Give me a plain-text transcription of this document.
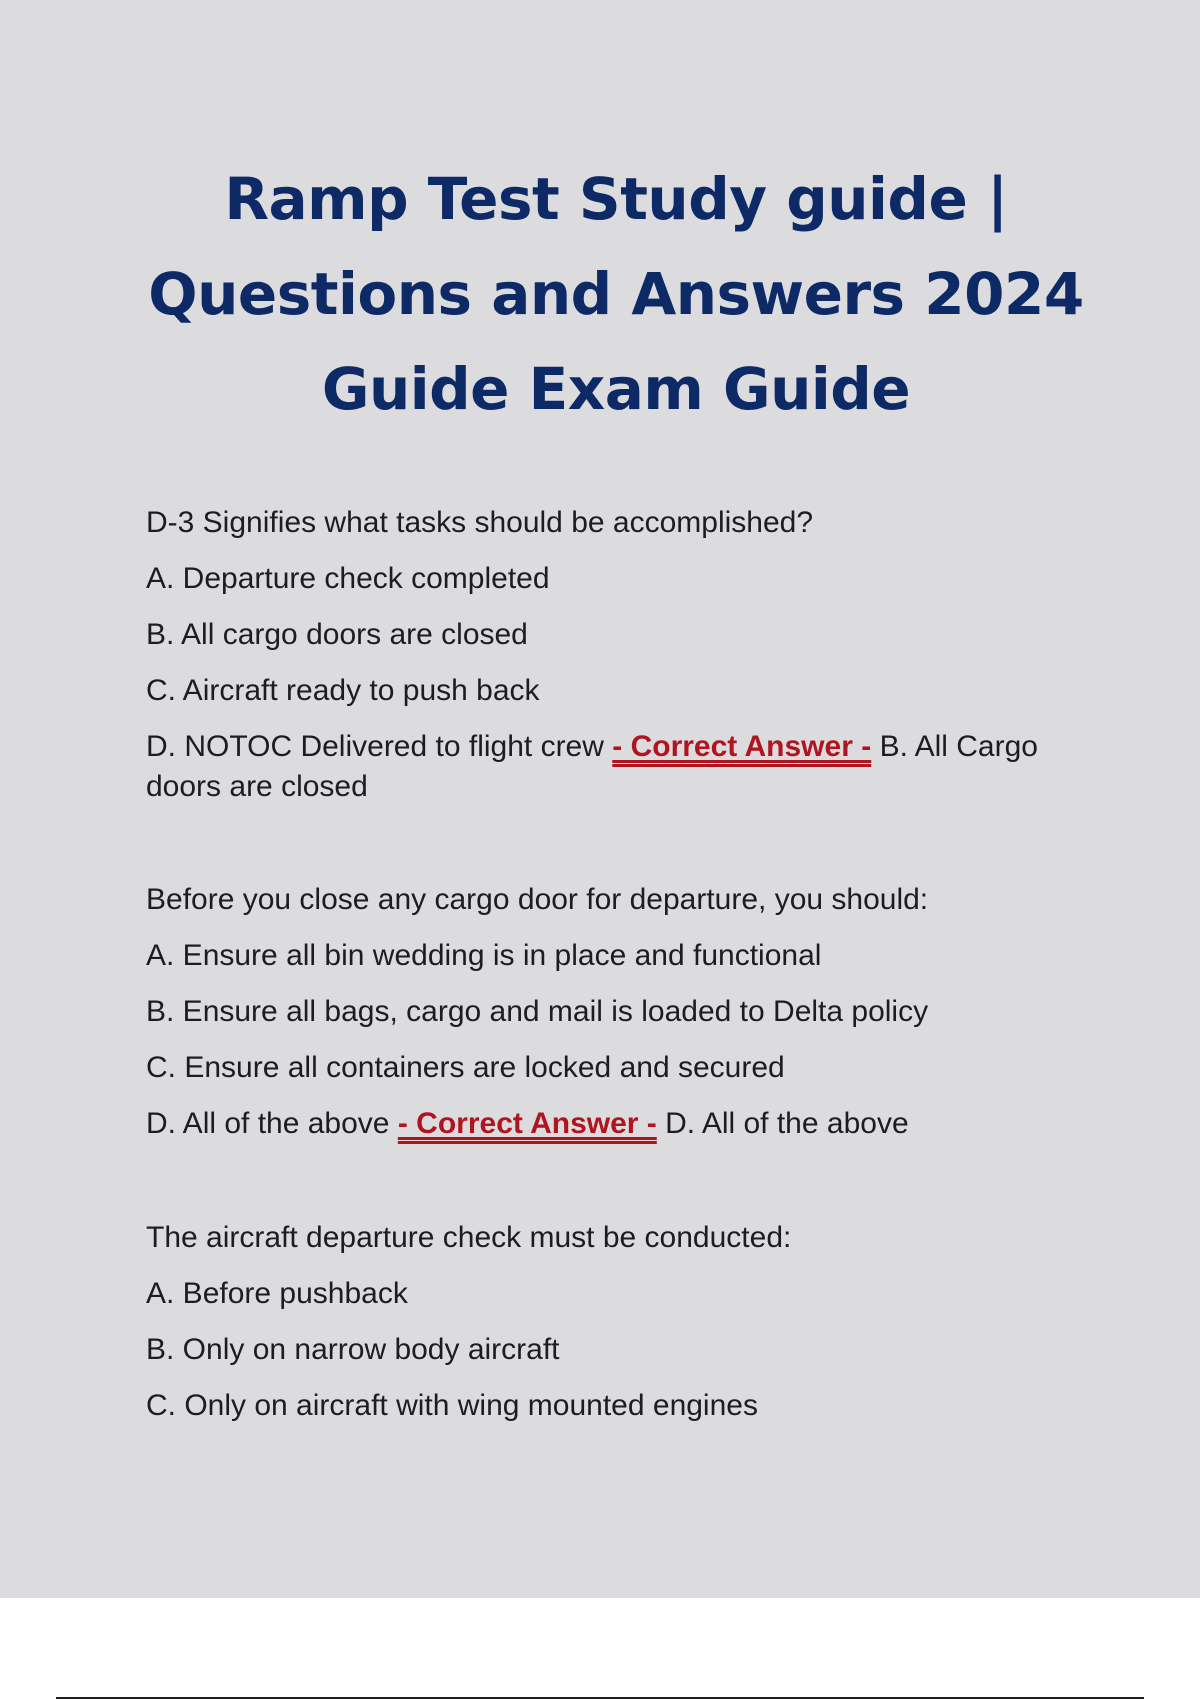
Ramp Test Study guide |
Questions and Answers 2024
Guide Exam Guide

D-3 Signifies what tasks should be accomplished?

A. Departure check completed

B. All cargo doors are closed

C. Aircraft ready to push back

D. NOTOC Delivered to flight crew - Correct Answer - B. All Cargo doors are closed

Before you close any cargo door for departure, you should:

A. Ensure all bin wedding is in place and functional

B. Ensure all bags, cargo and mail is loaded to Delta policy

C. Ensure all containers are locked and secured

D. All of the above - Correct Answer - D. All of the above

The aircraft departure check must be conducted:

A. Before pushback

B. Only on narrow body aircraft

C. Only on aircraft with wing mounted engines
